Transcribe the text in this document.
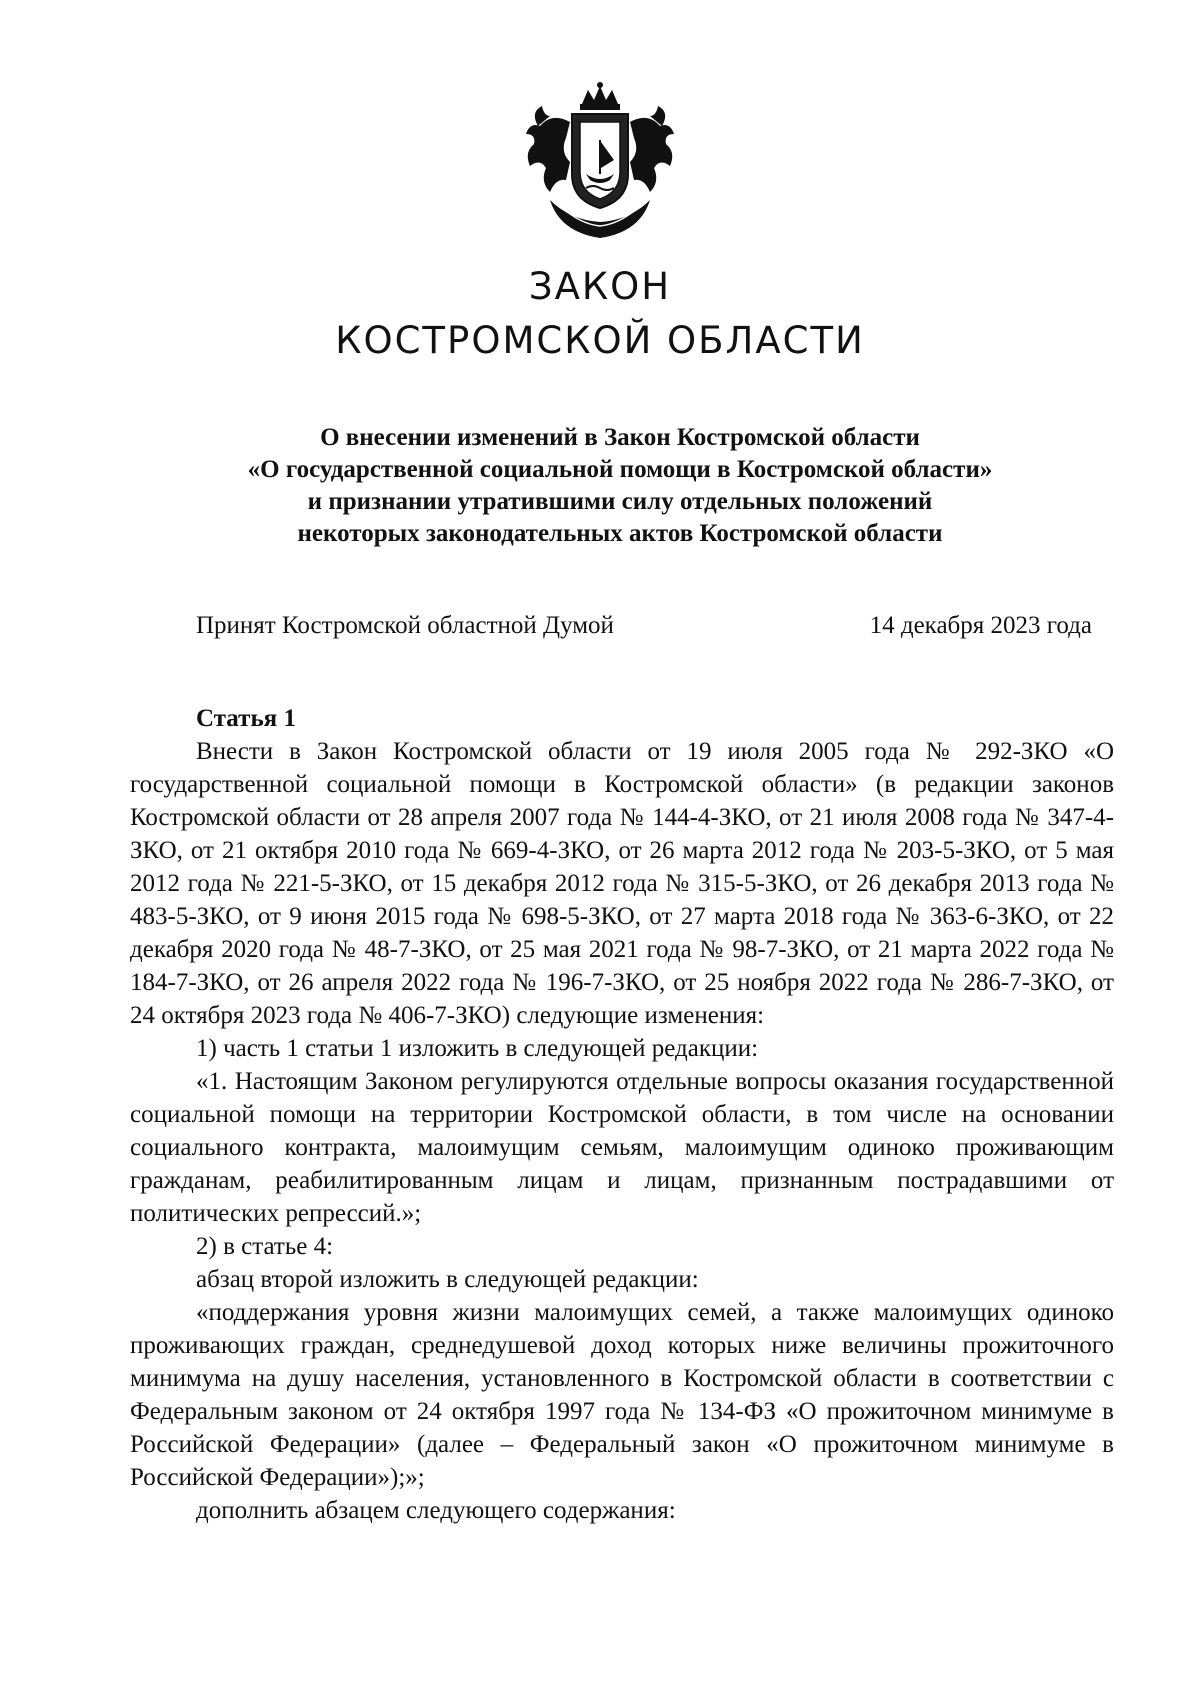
ЗАКОН
КОСТРОМСКОЙ ОБЛАСТИ
О внесении изменений в Закон Костромской области
«О государственной социальной помощи в Костромской области»
и признании утратившими силу отдельных положений
некоторых законодательных актов Костромской области
Принят Костромской областной Думой	14 декабря 2023 года

Статья 1

Внести в Закон Костромской области от 19 июля 2005 года № 292-ЗКО «О государственной социальной помощи в Костромской области» (в редакции законов Костромской области от 28 апреля 2007 года № 144-4-ЗКО, от 21 июля 2008 года № 347-4-ЗКО, от 21 октября 2010 года № 669-4-ЗКО, от 26 марта 2012 года № 203-5-ЗКО, от 5 мая 2012 года № 221-5-ЗКО, от 15 декабря 2012 года № 315-5-ЗКО, от 26 декабря 2013 года № 483-5-ЗКО, от 9 июня 2015 года № 698-5-ЗКО, от 27 марта 2018 года № 363-6-ЗКО, от 22 декабря 2020 года № 48-7-ЗКО, от 25 мая 2021 года № 98-7-ЗКО, от 21 марта 2022 года № 184-7-ЗКО, от 26 апреля 2022 года № 196-7-ЗКО, от 25 ноября 2022 года № 286-7-ЗКО, от 24 октября 2023 года № 406-7-ЗКО) следующие изменения:

1) часть 1 статьи 1 изложить в следующей редакции:

«1. Настоящим Законом регулируются отдельные вопросы оказания государственной социальной помощи на территории Костромской области, в том числе на основании социального контракта, малоимущим семьям, малоимущим одиноко проживающим гражданам, реабилитированным лицам и лицам, признанным пострадавшими от политических репрессий.»;

2) в статье 4:

абзац второй изложить в следующей редакции:

«поддержания уровня жизни малоимущих семей, а также малоимущих одиноко проживающих граждан, среднедушевой доход которых ниже величины прожиточного минимума на душу населения, установленного в Костромской области в соответствии с Федеральным законом от 24 октября 1997 года № 134-ФЗ «О прожиточном минимуме в Российской Федерации» (далее – Федеральный закон «О прожиточном минимуме в Российской Федерации»);»;

дополнить абзацем следующего содержания:
